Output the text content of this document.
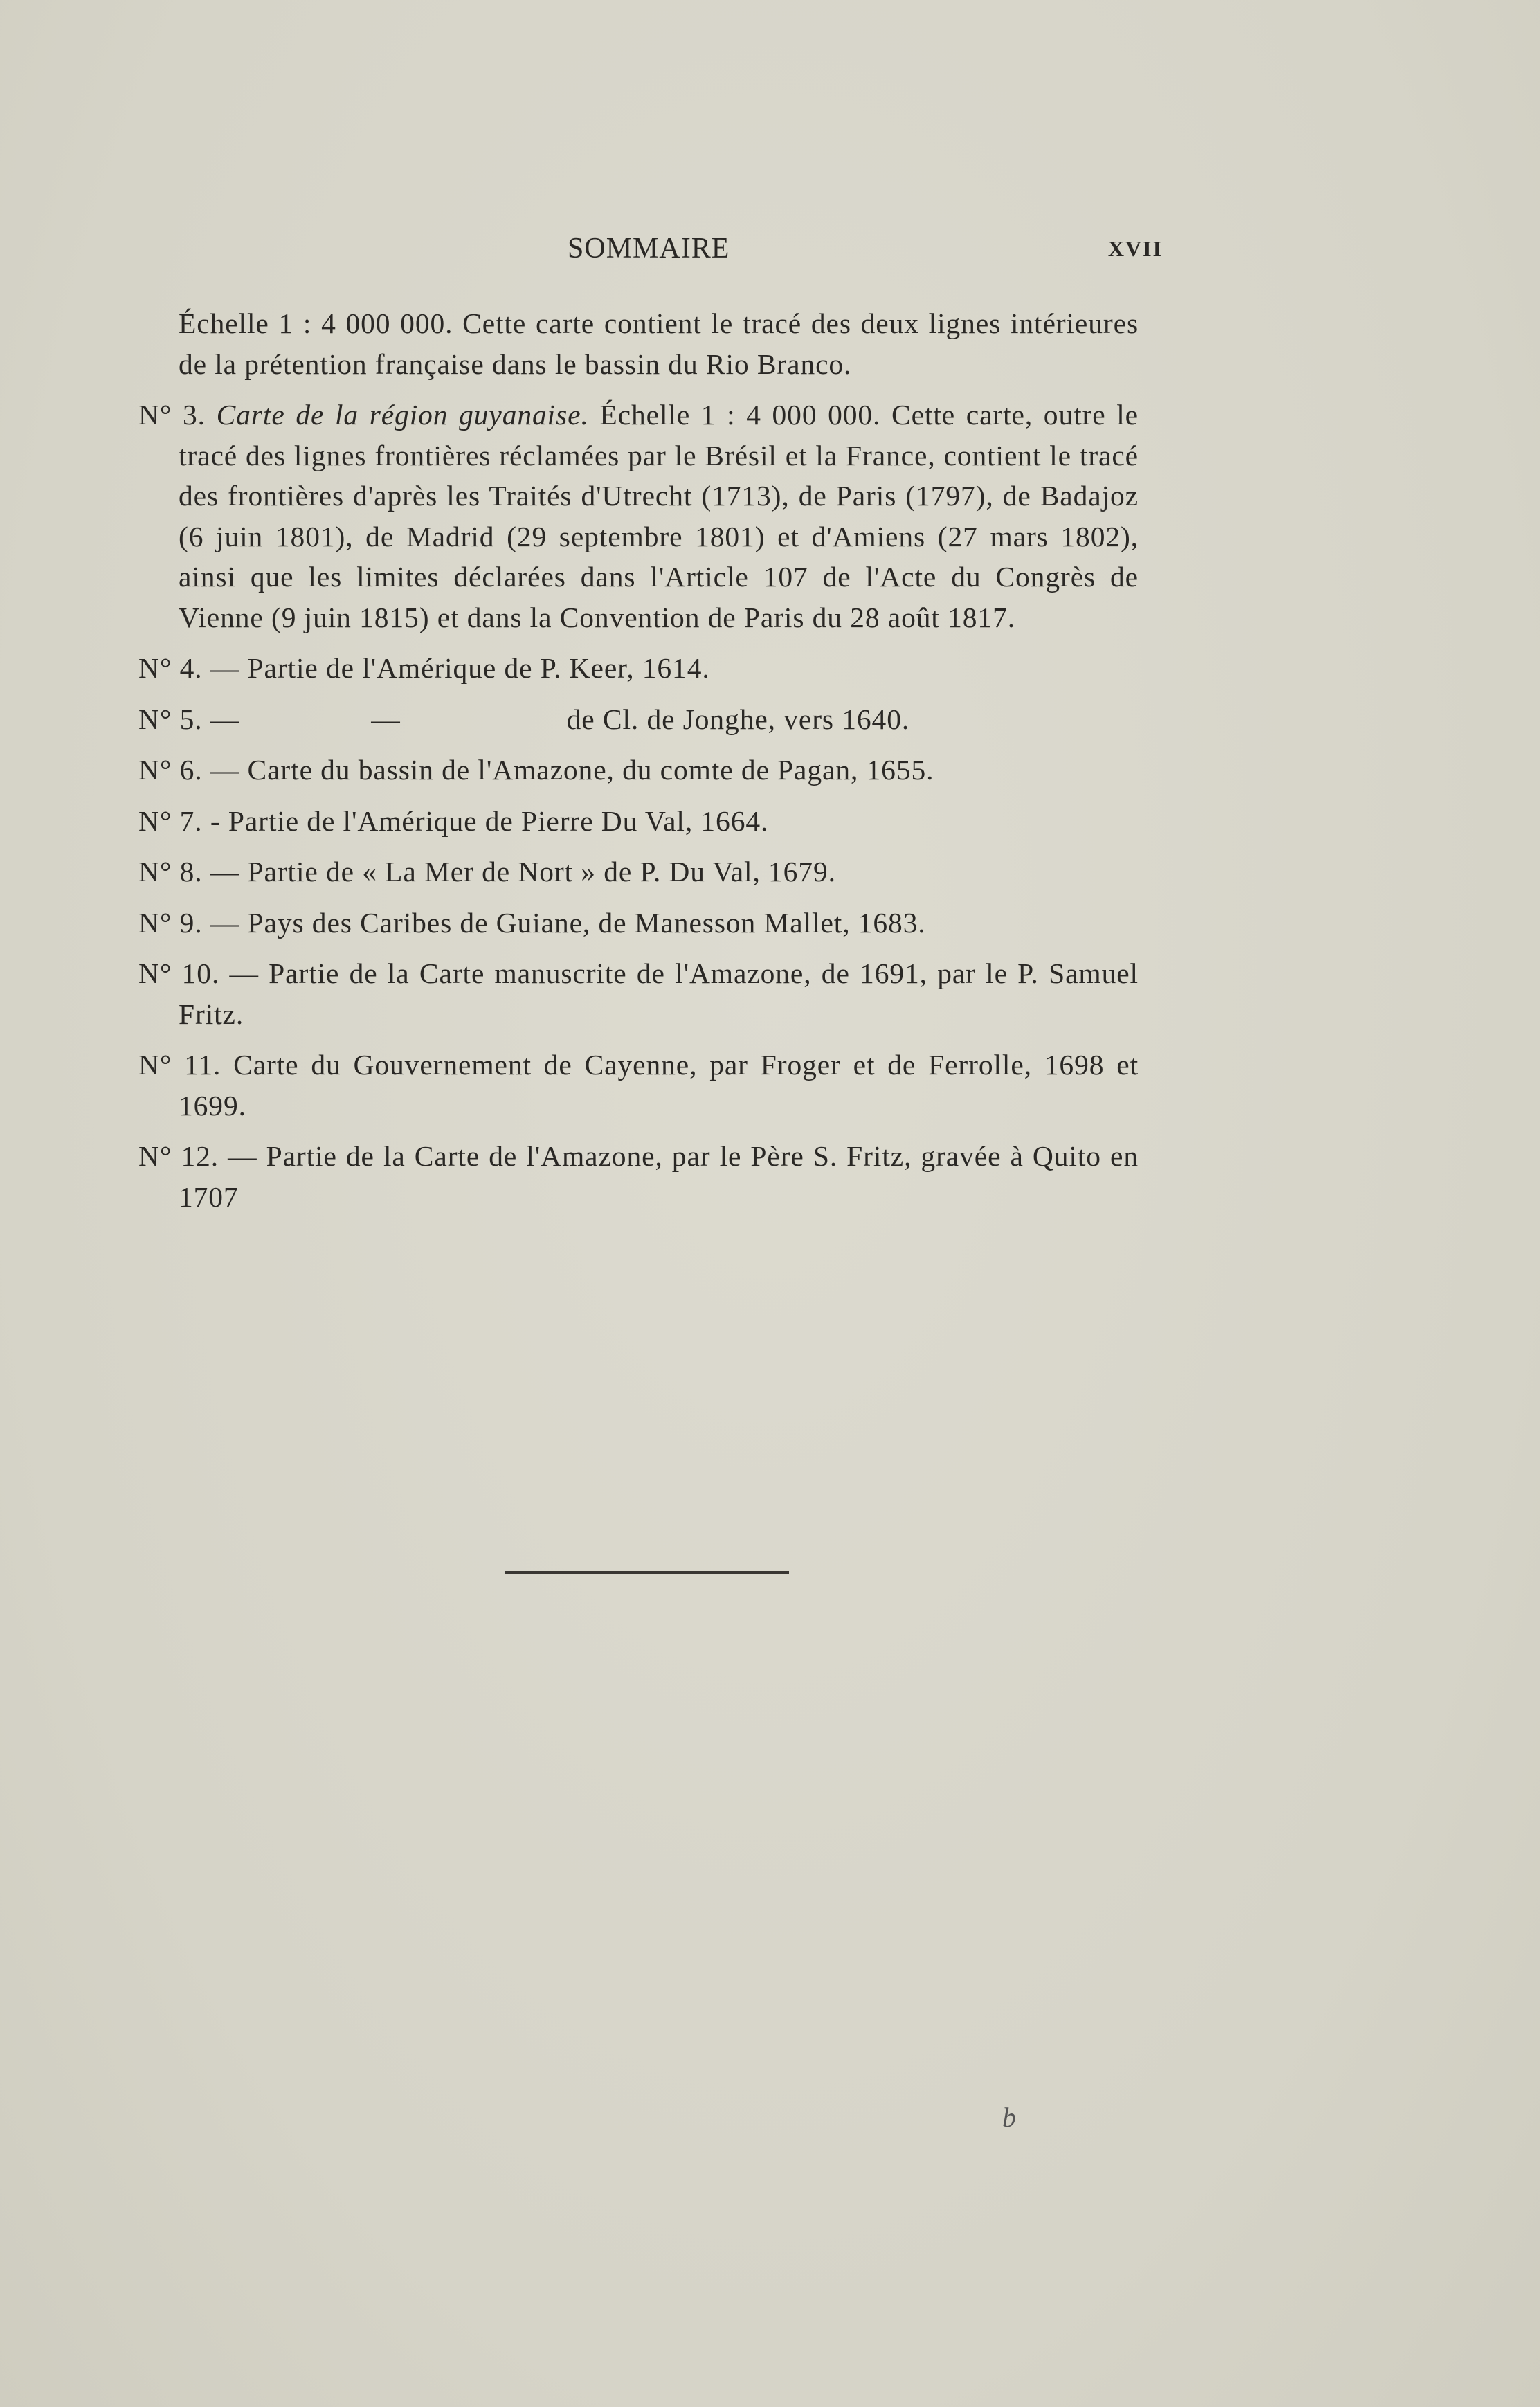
SOMMAIRE	XVII

Échelle 1 : 4 000 000. Cette carte contient le tracé des deux lignes intérieures de la prétention française dans le bassin du Rio Branco.

N° 3. Carte de la région guyanaise. Échelle 1 : 4 000 000. Cette carte, outre le tracé des lignes frontières réclamées par le Brésil et la France, contient le tracé des frontières d'après les Traités d'Utrecht (1713), de Paris (1797), de Badajoz (6 juin 1801), de Madrid (29 septembre 1801) et d'Amiens (27 mars 1802), ainsi que les limites déclarées dans l'Article 107 de l'Acte du Congrès de Vienne (9 juin 1815) et dans la Convention de Paris du 28 août 1817.

N° 4. — Partie de l'Amérique de P. Keer, 1614.

N° 5. —	—	de Cl. de Jonghe, vers 1640.

N° 6. — Carte du bassin de l'Amazone, du comte de Pagan, 1655.

N° 7. - Partie de l'Amérique de Pierre Du Val, 1664.

N° 8. — Partie de « La Mer de Nort » de P. Du Val, 1679.

N° 9. — Pays des Caribes de Guiane, de Manesson Mallet, 1683.

N° 10. — Partie de la Carte manuscrite de l'Amazone, de 1691, par le P. Samuel Fritz.

N° 11. Carte du Gouvernement de Cayenne, par Froger et de Ferrolle, 1698 et 1699.

N° 12. — Partie de la Carte de l'Amazone, par le Père S. Fritz, gravée à Quito en 1707

b
